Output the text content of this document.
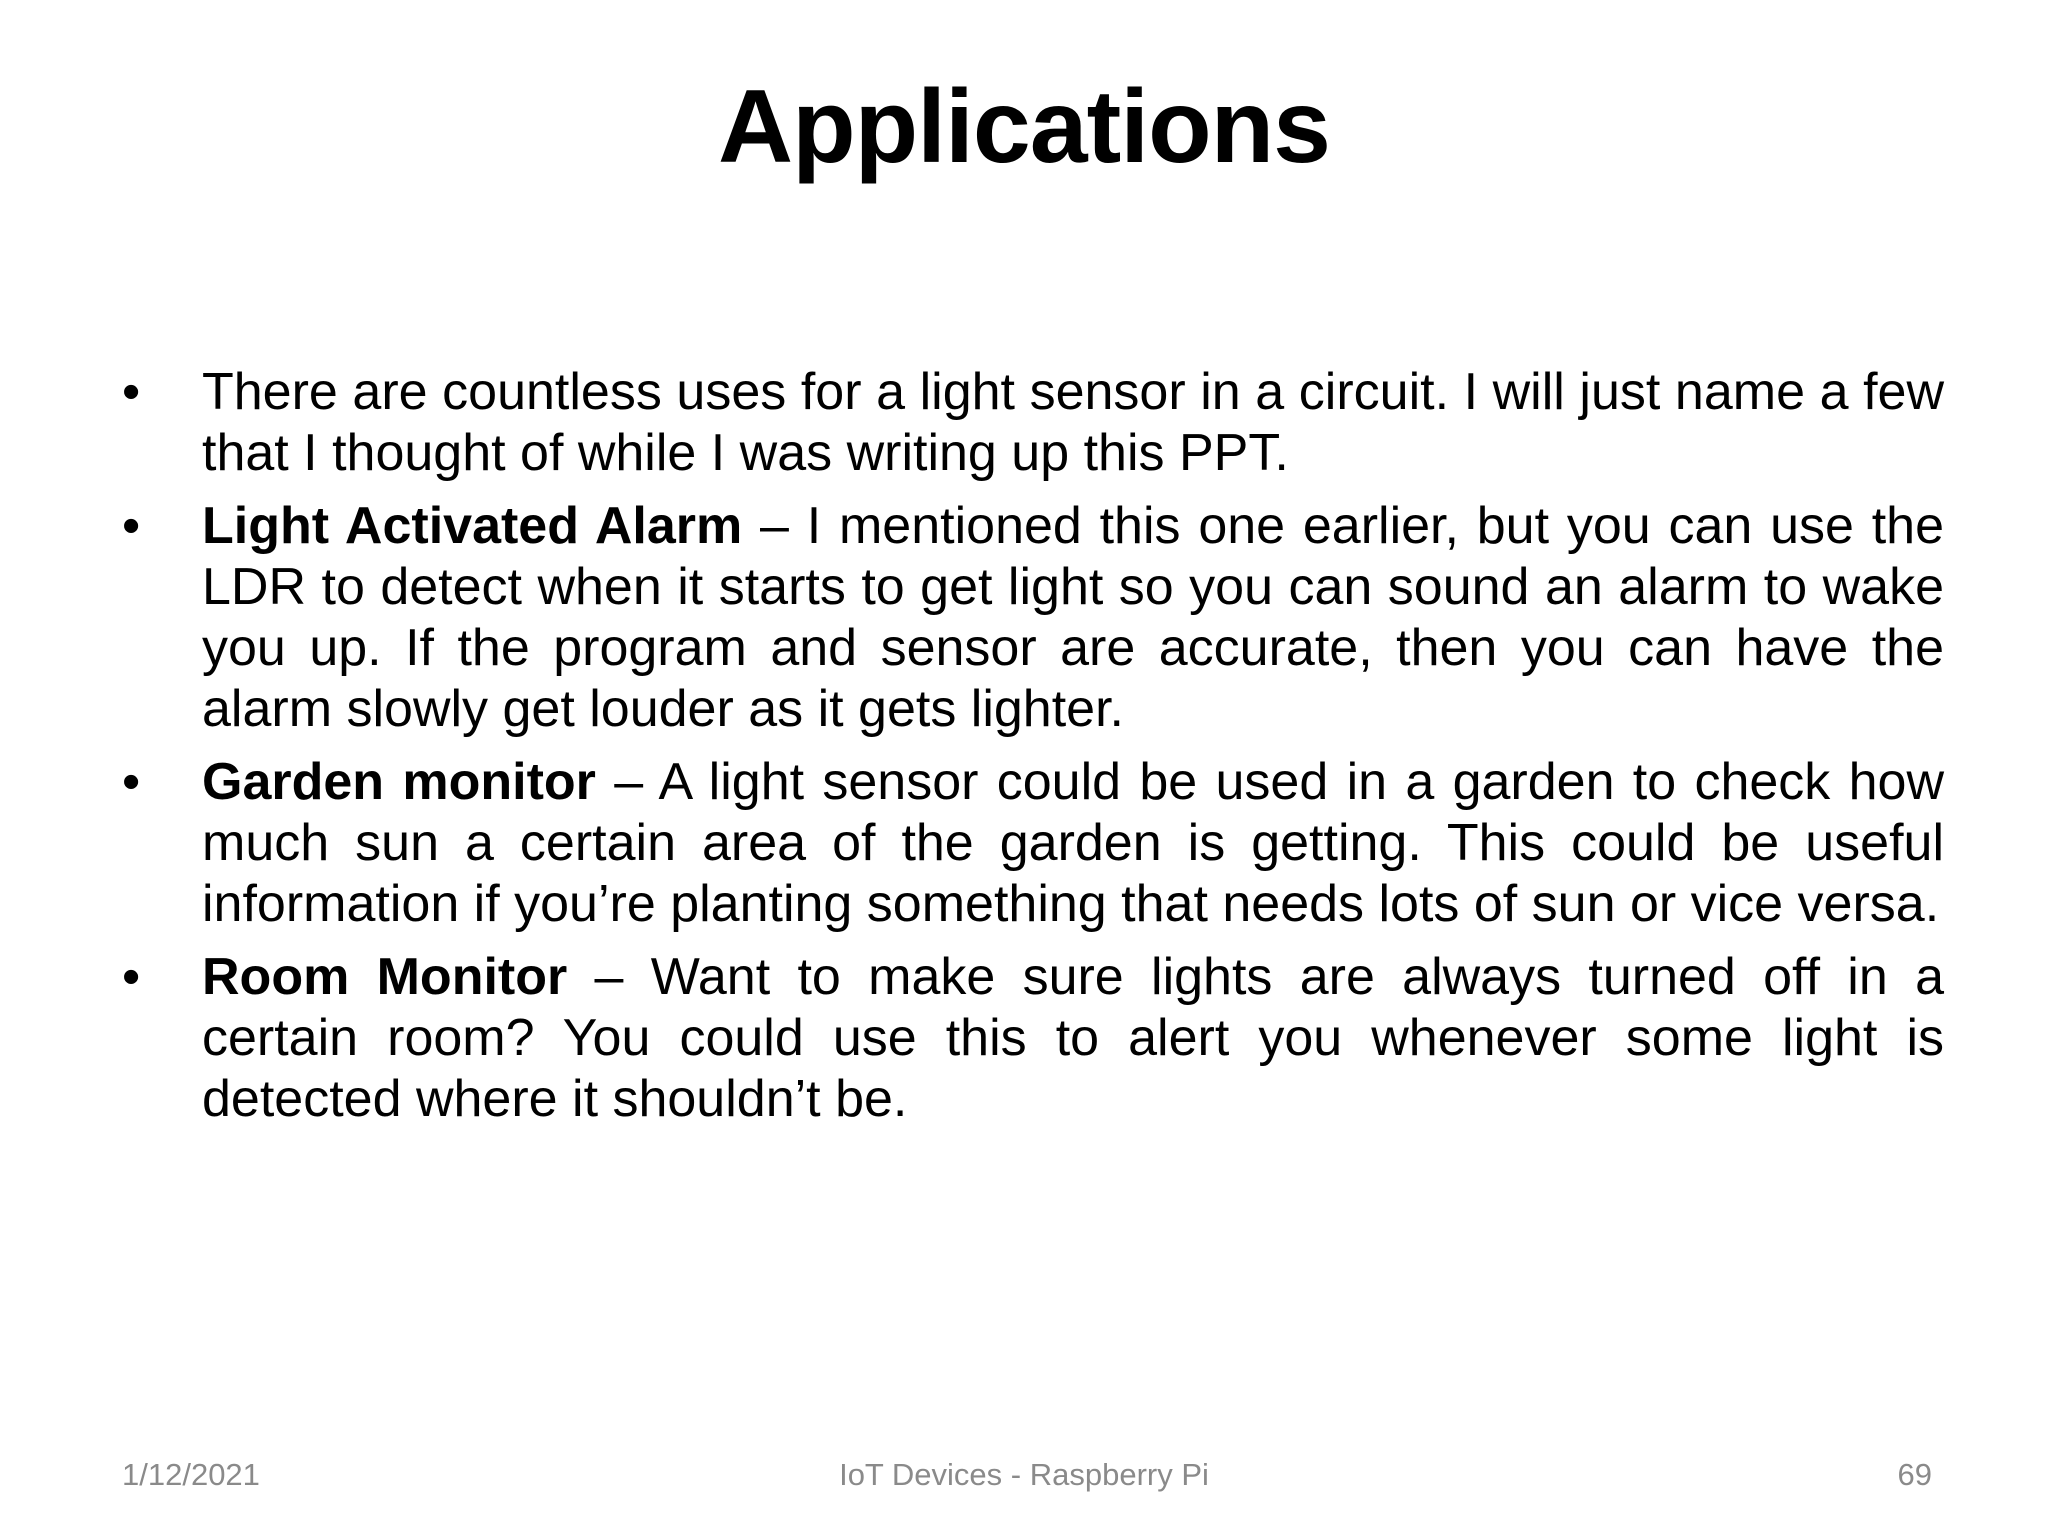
Applications
•	There are countless uses for a light sensor in a circuit. I will just name a few that I thought of while I was writing up this PPT.
•	Light Activated Alarm – I mentioned this one earlier, but you can use the LDR to detect when it starts to get light so you can sound an alarm to wake you up. If the program and sensor are accurate, then you can have the alarm slowly get louder as it gets lighter.
•	Garden monitor – A light sensor could be used in a garden to check how much sun a certain area of the garden is getting. This could be useful information if you’re planting something that needs lots of sun or vice versa.
•	Room Monitor – Want to make sure lights are always turned off in a certain room? You could use this to alert you whenever some light is detected where it shouldn’t be.
1/12/2021	IoT Devices - Raspberry Pi	69
